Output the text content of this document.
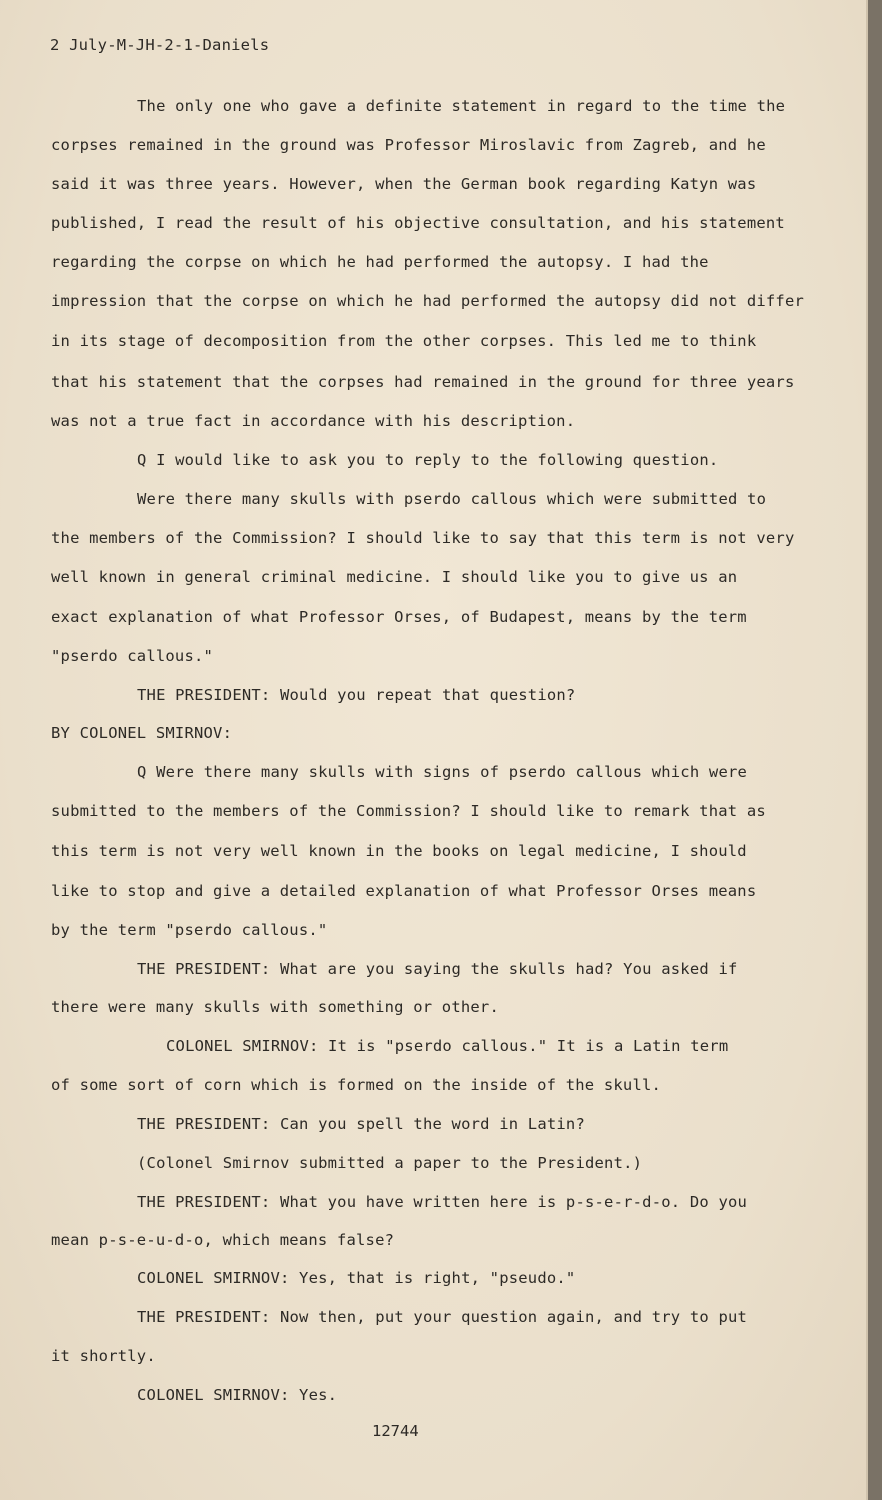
2 July-M-JH-2-1-Daniels
The only one who gave a definite statement in regard to the time the
corpses remained in the ground was Professor Miroslavic from Zagreb, and he
said it was three years. However, when the German book regarding Katyn was
published, I read the result of his objective consultation, and his statement
regarding the corpse on which he had performed the autopsy. I had the
impression that the corpse on which he had performed the autopsy did not differ
in its stage of decomposition from the other corpses. This led me to think
that his statement that the corpses had remained in the ground for three years
was not a true fact in accordance with his description.
Q I would like to ask you to reply to the following question.
Were there many skulls with pserdo callous which were submitted to
the members of the Commission? I should like to say that this term is not very
well known in general criminal medicine. I should like you to give us an
exact explanation of what Professor Orses, of Budapest, means by the term
"pserdo callous."
THE PRESIDENT: Would you repeat that question?
BY COLONEL SMIRNOV:
Q Were there many skulls with signs of pserdo callous which were
submitted to the members of the Commission? I should like to remark that as
this term is not very well known in the books on legal medicine, I should
like to stop and give a detailed explanation of what Professor Orses means
by the term "pserdo callous."
THE PRESIDENT: What are you saying the skulls had? You asked if
there were many skulls with something or other.
COLONEL SMIRNOV: It is "pserdo callous." It is a Latin term
of some sort of corn which is formed on the inside of the skull.
THE PRESIDENT: Can you spell the word in Latin?
(Colonel Smirnov submitted a paper to the President.)
THE PRESIDENT: What you have written here is p-s-e-r-d-o. Do you
mean p-s-e-u-d-o, which means false?
COLONEL SMIRNOV: Yes, that is right, "pseudo."
THE PRESIDENT: Now then, put your question again, and try to put
it shortly.
COLONEL SMIRNOV: Yes.
12744
